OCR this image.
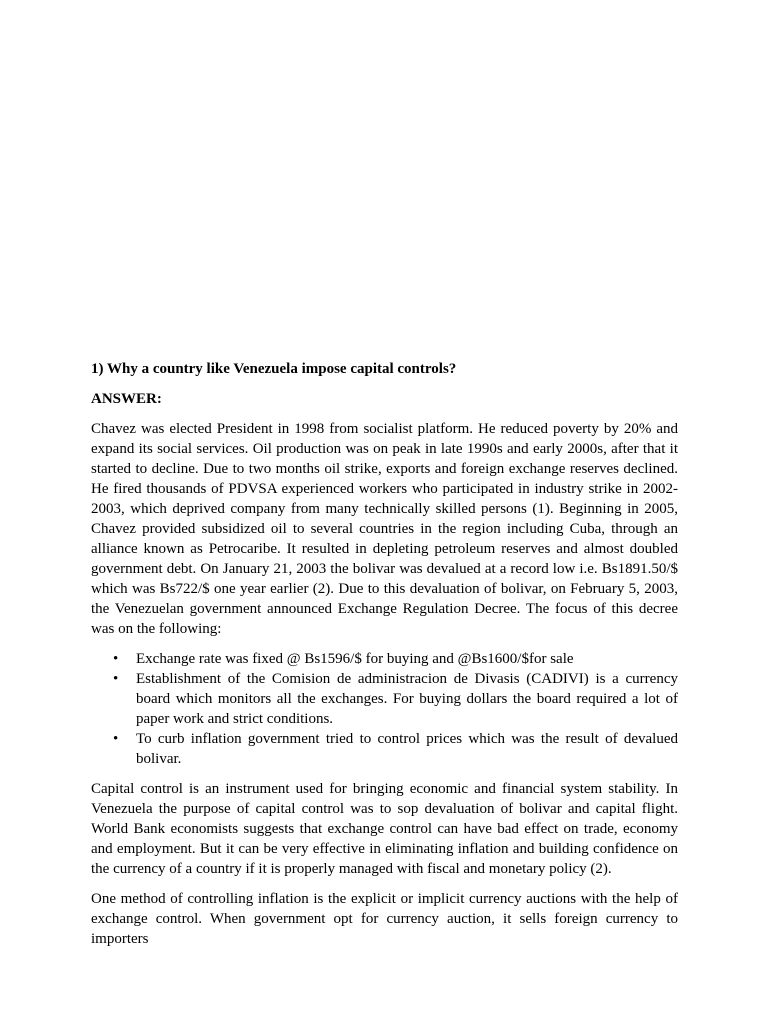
1) Why a country like Venezuela impose capital controls?
ANSWER:

Chavez was elected President in 1998 from socialist platform. He reduced poverty by 20% and expand its social services. Oil production was on peak in late 1990s and early 2000s, after that it started to decline. Due to two months oil strike, exports and foreign exchange reserves declined. He fired thousands of PDVSA experienced workers who participated in industry strike in 2002-2003, which deprived company from many technically skilled persons (1). Beginning in 2005, Chavez provided subsidized oil to several countries in the region including Cuba, through an alliance known as Petrocaribe. It resulted in depleting petroleum reserves and almost doubled government debt. On January 21, 2003 the bolivar was devalued at a record low i.e. Bs1891.50/$ which was Bs722/$ one year earlier (2). Due to this devaluation of bolivar, on February 5, 2003, the Venezuelan government announced Exchange Regulation Decree. The focus of this decree was on the following:

• Exchange rate was fixed @ Bs1596/$ for buying and @Bs1600/$for sale
• Establishment of the Comision de administracion de Divasis (CADIVI) is a currency board which monitors all the exchanges. For buying dollars the board required a lot of paper work and strict conditions.
• To curb inflation government tried to control prices which was the result of devalued bolivar.

Capital control is an instrument used for bringing economic and financial system stability. In Venezuela the purpose of capital control was to sop devaluation of bolivar and capital flight. World Bank economists suggests that exchange control can have bad effect on trade, economy and employment. But it can be very effective in eliminating inflation and building confidence on the currency of a country if it is properly managed with fiscal and monetary policy (2).

One method of controlling inflation is the explicit or implicit currency auctions with the help of exchange control. When government opt for currency auction, it sells foreign currency to importers
